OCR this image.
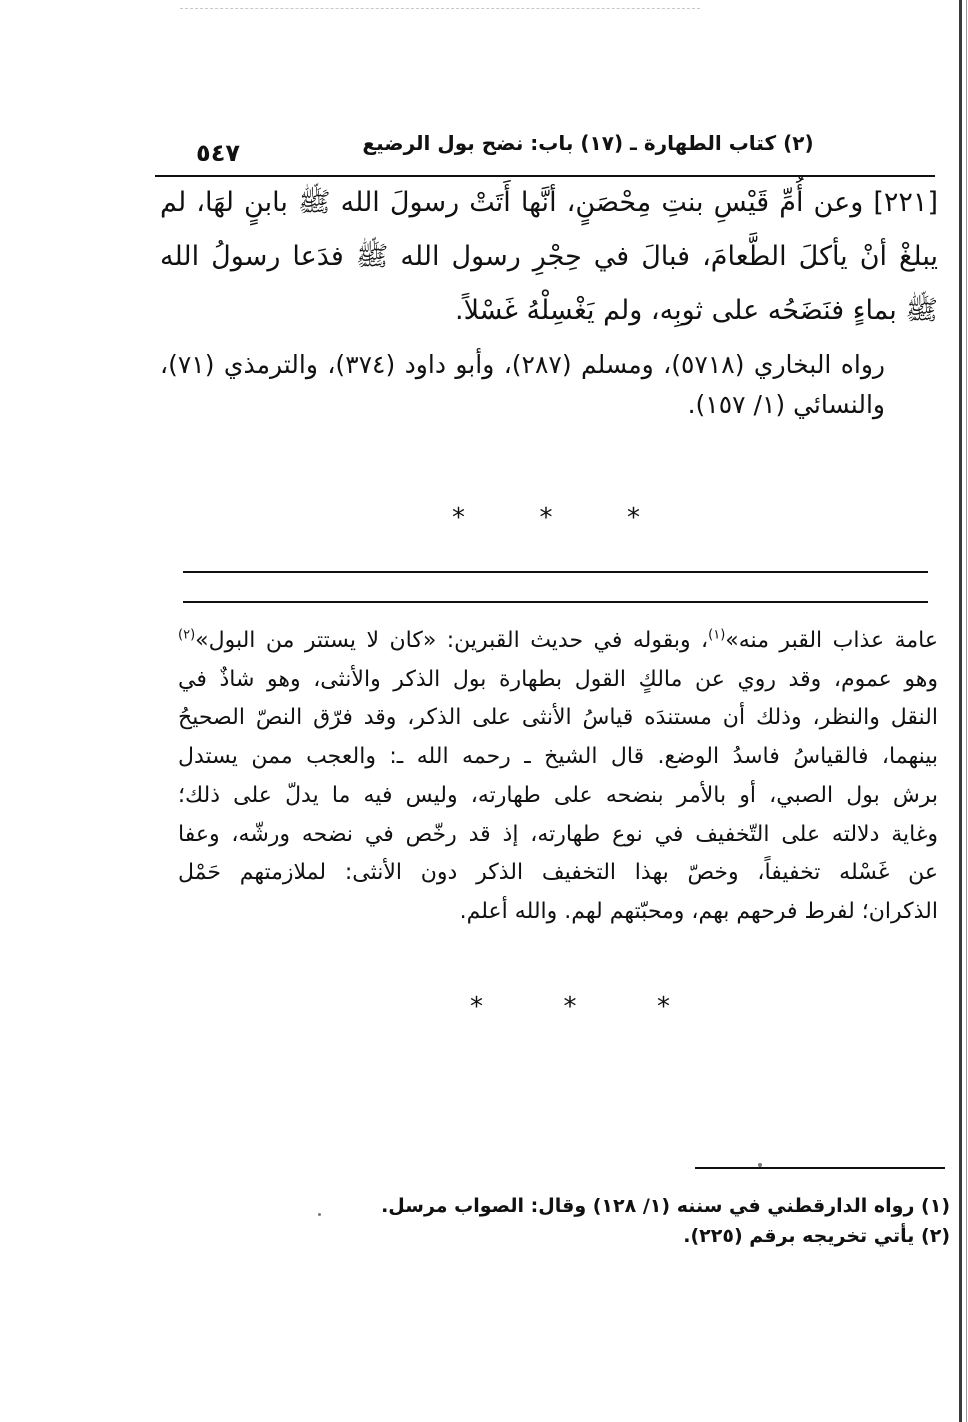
٥٤٧	(٢) كتاب الطهارة ـ (١٧) باب: نضح بول الرضيع
[٢٢١] وعن أُمِّ قَيْسِ بنتِ مِحْصَنٍ، أنَّها أَتَتْ رسولَ الله ﷺ بابنٍ لهَا، لم يبلغْ أنْ يأكلَ الطَّعامَ، فبالَ في حِجْرِ رسول الله ﷺ فدَعا رسولُ الله ﷺ بماءٍ فنَضَحُه على ثوبِه، ولم يَغْسِلْهُ غَسْلاً.
رواه البخاري (٥٧١٨)، ومسلم (٢٨٧)، وأبو داود (٣٧٤)، والترمذي (٧١)، والنسائي (١/ ١٥٧).
*
*
*
عامة عذاب القبر منه»$^{(١)}$، وبقوله في حديث القبرين: «كان لا يستتر من البول»$^{(٢)}$
وهو عموم، وقد روي عن مالكٍ القول بطهارة بول الذكر والأنثى، وهو شاذٌ في
النقل والنظر، وذلك أن مستندَه قياسُ الأنثى على الذكر، وقد فرّق النصّ الصحيحُ
بينهما، فالقياسُ فاسدُ الوضع. قال الشيخ ـ رحمه الله ـ: والعجب ممن يستدل
برش بول الصبي، أو بالأمر بنضحه على طهارته، وليس فيه ما يدلّ على ذلك؛
وغاية دلالته على التّخفيف في نوع طهارته، إذ قد رخّص في نضحه ورشّه، وعفا
عن غَسْله تخفيفاً، وخصّ بهذا التخفيف الذكر دون الأنثى: لملازمتهم حَمْل
الذكران؛ لفرط فرحهم بهم، ومحبّتهم لهم. والله أعلم.
*
*
*
(١) رواه الدارقطني في سننه (١/ ١٢٨) وقال: الصواب مرسل.
(٢) يأتي تخريجه برقم (٢٢٥).
